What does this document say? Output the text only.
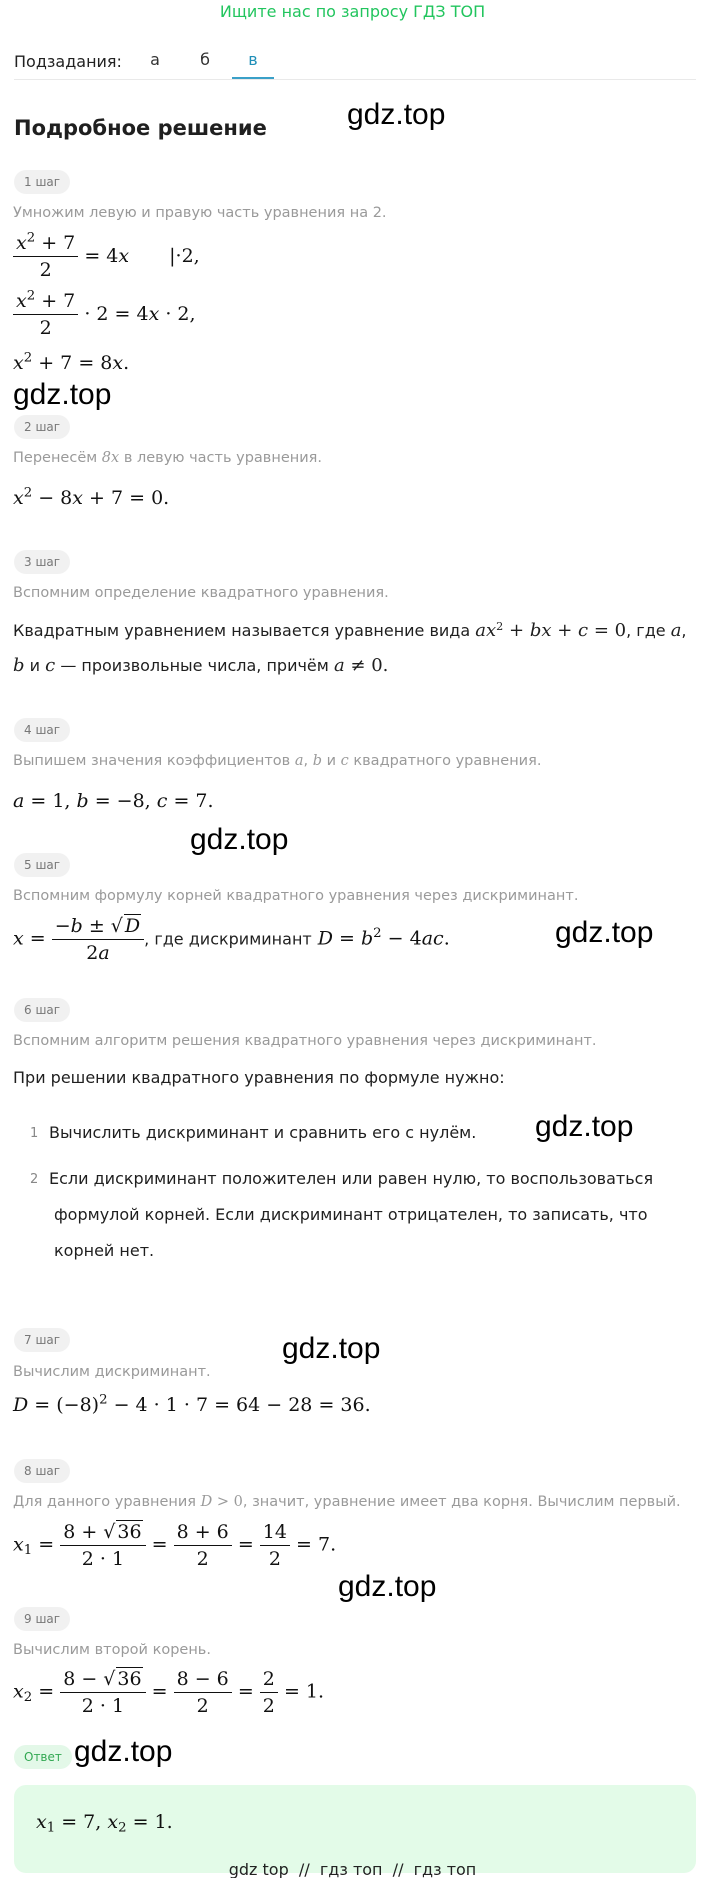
Ищите нас по запросу ГДЗ ТОП
Подзадания:	а	б	в
Подробное решение	gdz.top
gdz.top
gdz.top
gdz.top
gdz.top
gdz.top
gdz.top
gdz.top
1 шаг
Умножим левую и правую часть уравнения на 2.
$\frac{x^2 + 7}{2} = 4x$ |·2,
$\frac{x^2 + 7}{2} \cdot 2 = 4x \cdot 2$,
$x^2 + 7 = 8x$.
2 шаг
Перенесём 8x в левую часть уравнения.
$x^2 - 8x + 7 = 0$.
3 шаг
Вспомним определение квадратного уравнения.
Квадратным уравнением называется уравнение вида $ax^2$ + bx + c = 0, где a,
b и c — произвольные числа, причём a ≠ 0.
4 шаг
Выпишем значения коэффициентов a, b и c квадратного уравнения.
a = 1, b = −8, c = 7.
5 шаг
Вспомним формулу корней квадратного уравнения через дискриминант.
$x = \frac{-b \pm √ D}{2a}$ , где дискриминант $D = b^2 - 4ac$.
6 шаг
Вспомним алгоритм решения квадратного уравнения через дискриминант.
При решении квадратного уравнения по формуле нужно:
1 Вычислить дискриминант и сравнить его с нулём.
2 Если дискриминант положителен или равен нулю, то воспользоваться
формулой корней. Если дискриминант отрицателен, то записать, что
корней нет.
7 шаг
Вычислим дискриминант.
$D = (-8)^2 - 4 \cdot 1 \cdot 7 = 64 - 28 = 36$.
8 шаг
Для данного уравнения D > 0, значит, уравнение имеет два корня. Вычислим первый.
$x_1 = \frac{8 + √ 36}{2 \cdot 1} = \frac{8 + 6}{2} = \frac{14}{2} = 7$.
9 шаг
Вычислим второй корень.
$x_2 = \frac{8 - √ 36}{2 \cdot 1} = \frac{8 - 6}{2} = \frac{2}{2} = 1$.
Ответ
$x_1 = 7$, $x_2 = 1$.
gdz top  //  гдз топ  //  гдз топ
